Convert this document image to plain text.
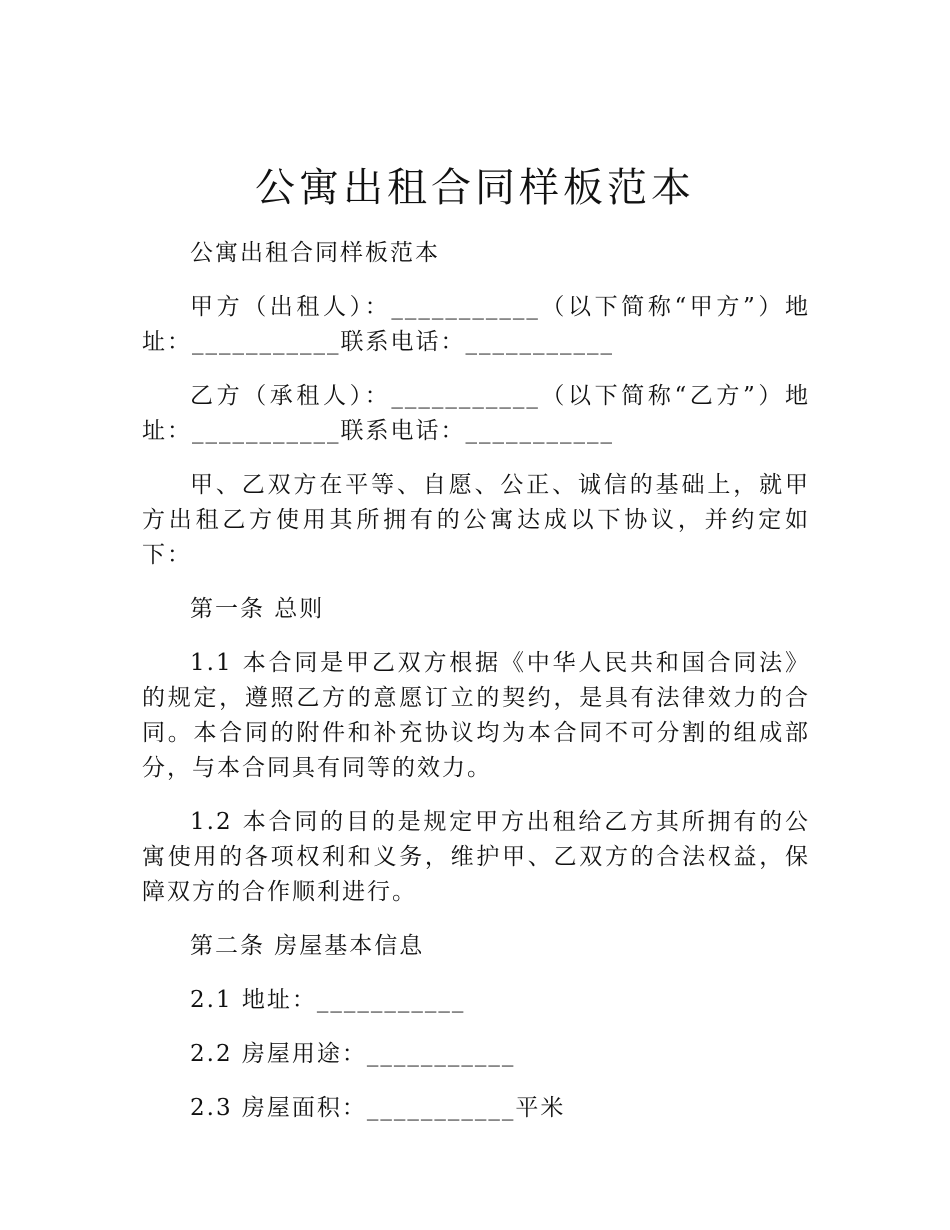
公寓出租合同样板范本

公寓出租合同样板范本

甲方（出租人）：___________（以下简称“甲方”）地址：___________联系电话：___________

乙方（承租人）：___________（以下简称“乙方”）地址：___________联系电话：___________

甲、乙双方在平等、自愿、公正、诚信的基础上，就甲方出租乙方使用其所拥有的公寓达成以下协议，并约定如下：

第一条 总则

1.1 本合同是甲乙双方根据《中华人民共和国合同法》的规定，遵照乙方的意愿订立的契约，是具有法律效力的合同。本合同的附件和补充协议均为本合同不可分割的组成部分，与本合同具有同等的效力。

1.2 本合同的目的是规定甲方出租给乙方其所拥有的公寓使用的各项权利和义务，维护甲、乙双方的合法权益，保障双方的合作顺利进行。

第二条 房屋基本信息

2.1 地址：___________

2.2 房屋用途：___________

2.3 房屋面积：___________平米
